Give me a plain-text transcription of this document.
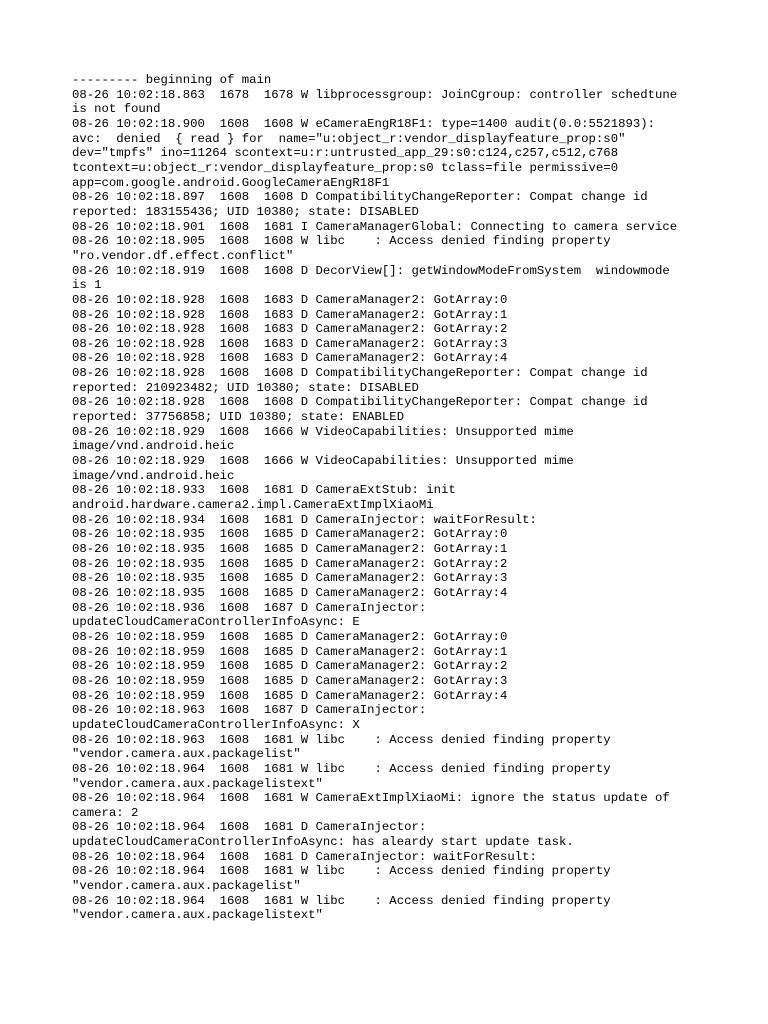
--------- beginning of main
08-26 10:02:18.863  1678  1678 W libprocessgroup: JoinCgroup: controller schedtune
is not found
08-26 10:02:18.900  1608  1608 W eCameraEngR18F1: type=1400 audit(0.0:5521893):
avc:  denied  { read } for  name="u:object_r:vendor_displayfeature_prop:s0"
dev="tmpfs" ino=11264 scontext=u:r:untrusted_app_29:s0:c124,c257,c512,c768
tcontext=u:object_r:vendor_displayfeature_prop:s0 tclass=file permissive=0
app=com.google.android.GoogleCameraEngR18F1
08-26 10:02:18.897  1608  1608 D CompatibilityChangeReporter: Compat change id
reported: 183155436; UID 10380; state: DISABLED
08-26 10:02:18.901  1608  1681 I CameraManagerGlobal: Connecting to camera service
08-26 10:02:18.905  1608  1608 W libc    : Access denied finding property
"ro.vendor.df.effect.conflict"
08-26 10:02:18.919  1608  1608 D DecorView[]: getWindowModeFromSystem  windowmode
is 1
08-26 10:02:18.928  1608  1683 D CameraManager2: GotArray:0
08-26 10:02:18.928  1608  1683 D CameraManager2: GotArray:1
08-26 10:02:18.928  1608  1683 D CameraManager2: GotArray:2
08-26 10:02:18.928  1608  1683 D CameraManager2: GotArray:3
08-26 10:02:18.928  1608  1683 D CameraManager2: GotArray:4
08-26 10:02:18.928  1608  1608 D CompatibilityChangeReporter: Compat change id
reported: 210923482; UID 10380; state: DISABLED
08-26 10:02:18.928  1608  1608 D CompatibilityChangeReporter: Compat change id
reported: 37756858; UID 10380; state: ENABLED
08-26 10:02:18.929  1608  1666 W VideoCapabilities: Unsupported mime
image/vnd.android.heic
08-26 10:02:18.929  1608  1666 W VideoCapabilities: Unsupported mime
image/vnd.android.heic
08-26 10:02:18.933  1608  1681 D CameraExtStub: init
android.hardware.camera2.impl.CameraExtImplXiaoMi
08-26 10:02:18.934  1608  1681 D CameraInjector: waitForResult:
08-26 10:02:18.935  1608  1685 D CameraManager2: GotArray:0
08-26 10:02:18.935  1608  1685 D CameraManager2: GotArray:1
08-26 10:02:18.935  1608  1685 D CameraManager2: GotArray:2
08-26 10:02:18.935  1608  1685 D CameraManager2: GotArray:3
08-26 10:02:18.935  1608  1685 D CameraManager2: GotArray:4
08-26 10:02:18.936  1608  1687 D CameraInjector:
updateCloudCameraControllerInfoAsync: E
08-26 10:02:18.959  1608  1685 D CameraManager2: GotArray:0
08-26 10:02:18.959  1608  1685 D CameraManager2: GotArray:1
08-26 10:02:18.959  1608  1685 D CameraManager2: GotArray:2
08-26 10:02:18.959  1608  1685 D CameraManager2: GotArray:3
08-26 10:02:18.959  1608  1685 D CameraManager2: GotArray:4
08-26 10:02:18.963  1608  1687 D CameraInjector:
updateCloudCameraControllerInfoAsync: X
08-26 10:02:18.963  1608  1681 W libc    : Access denied finding property
"vendor.camera.aux.packagelist"
08-26 10:02:18.964  1608  1681 W libc    : Access denied finding property
"vendor.camera.aux.packagelistext"
08-26 10:02:18.964  1608  1681 W CameraExtImplXiaoMi: ignore the status update of
camera: 2
08-26 10:02:18.964  1608  1681 D CameraInjector:
updateCloudCameraControllerInfoAsync: has aleardy start update task.
08-26 10:02:18.964  1608  1681 D CameraInjector: waitForResult:
08-26 10:02:18.964  1608  1681 W libc    : Access denied finding property
"vendor.camera.aux.packagelist"
08-26 10:02:18.964  1608  1681 W libc    : Access denied finding property
"vendor.camera.aux.packagelistext"
